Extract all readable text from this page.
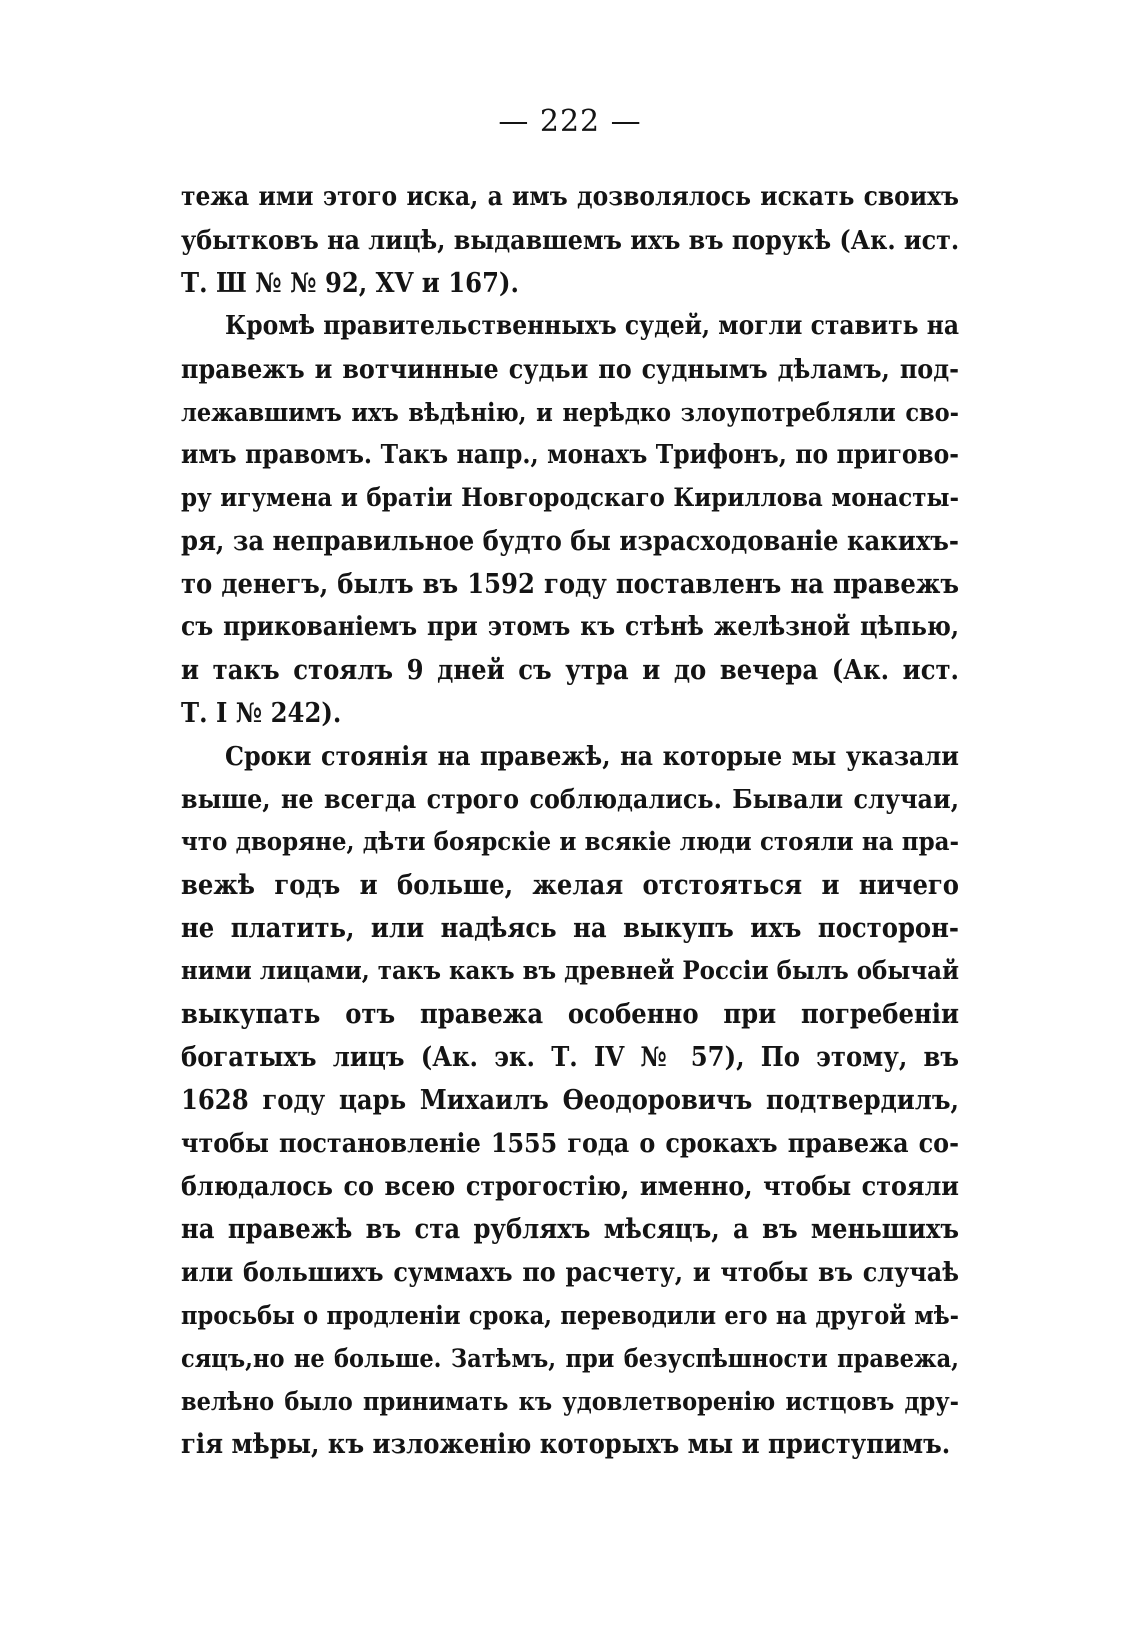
— 222 —
тежа ими этого иска, а имъ дозволялось искать своихъ
убытковъ на лицѣ, выдавшемъ ихъ въ порукѣ (Ак. ист.
Т. Ш № № 92, XV и 167).
Кромѣ правительственныхъ судей, могли ставить на
правежъ и вотчинные судьи по суднымъ дѣламъ, под-
лежавшимъ ихъ вѣдѣнію, и нерѣдко злоупотребляли сво-
имъ правомъ. Такъ напр., монахъ Трифонъ, по пригово-
ру игумена и братіи Новгородскаго Кириллова монасты-
ря, за неправильное будто бы израсходованіе какихъ-
то денегъ, былъ въ 1592 году поставленъ на правежъ
съ прикованіемъ при этомъ къ стѣнѣ желѣзной цѣпью,
и такъ стоялъ 9 дней съ утра и до вечера (Ак. ист.
Т. I № 242).
Сроки стоянія на правежѣ, на которые мы указали
выше, не всегда строго соблюдались. Бывали случаи,
что дворяне, дѣти боярскіе и всякіе люди стояли на пра-
вежѣ годъ и больше, желая отстояться и ничего
не платить, или надѣясь на выкупъ ихъ посторон-
ними лицами, такъ какъ въ древней Россіи былъ обычай
выкупать отъ правежа особенно при погребеніи
богатыхъ лицъ (Ак. эк. Т. IV № 57), По этому, въ
1628 году царь Михаилъ Ѳеодоровичъ подтвердилъ,
чтобы постановленіе 1555 года о срокахъ правежа со-
блюдалось со всею строгостію, именно, чтобы стояли
на правежѣ въ ста рубляхъ мѣсяцъ, а въ меньшихъ
или большихъ суммахъ по расчету, и чтобы въ случаѣ
просьбы о продленіи срока, переводили его на другой мѣ-
сяцъ,но не больше. Затѣмъ, при безуспѣшности правежа,
велѣно было принимать къ удовлетворенію истцовъ дру-
гія мѣры, къ изложенію которыхъ мы и приступимъ.
